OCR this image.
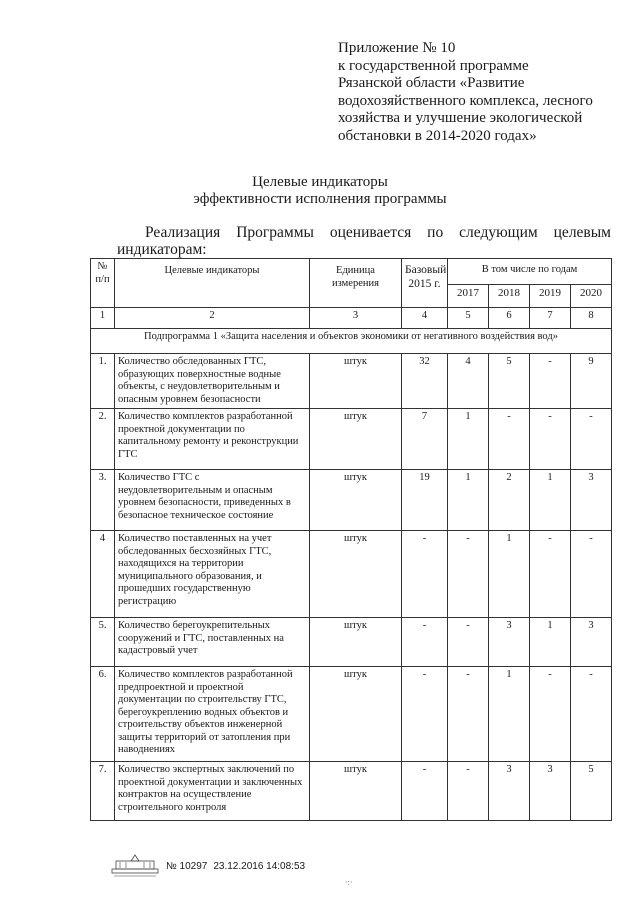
Приложение № 10
к государственной программе
Рязанской области «Развитие
водохозяйственного комплекса, лесного
хозяйства и улучшение экологической
обстановки в 2014-2020 годах»
Целевые индикаторы
эффективности исполнения программы
Реализация Программы оценивается по следующим целевым
индикаторам:
№ п/п	Целевые индикаторы	Единица измерения	Базовый 2015 г.	В том числе по годам			
				2017	2018	2019	2020
1	2	3	4	5	6	7	8
Подпрограмма 1 «Защита населения и объектов экономики от негативного воздействия вод»							
1.	Количество обследованных ГТС, образующих поверхностные водные объекты, с неудовлетворительным и опасным уровнем безопасности	штук	32	4	5	-	9
2.	Количество комплектов разработанной проектной документации по капитальному ремонту и реконструкции ГТС	штук	7	1	-	-	-
3.	Количество ГТС с неудовлетворительным и опасным уровнем безопасности, приведенных в безопасное техническое состояние	штук	19	1	2	1	3
4	Количество поставленных на учет обследованных бесхозяйных ГТС, находящихся на территории муниципального образования, и прошедших государственную регистрацию	штук	-	-	1	-	-
5.	Количество берегоукрепительных сооружений и ГТС, поставленных на кадастровый учет	штук	-	-	3	1	3
6.	Количество комплектов разработанной предпроектной и проектной документации по строительству ГТС, берегоукреплению водных объектов и строительству объектов инженерной защиты территорий от затопления при наводнениях	штук	-	-	1	-	-
7.	Количество экспертных заключений по проектной документации и заключенных контрактов на осуществление строительного контроля	штук	-	-	3	3	5
№ 10297 23.12.2016 14:08:53
·:·
